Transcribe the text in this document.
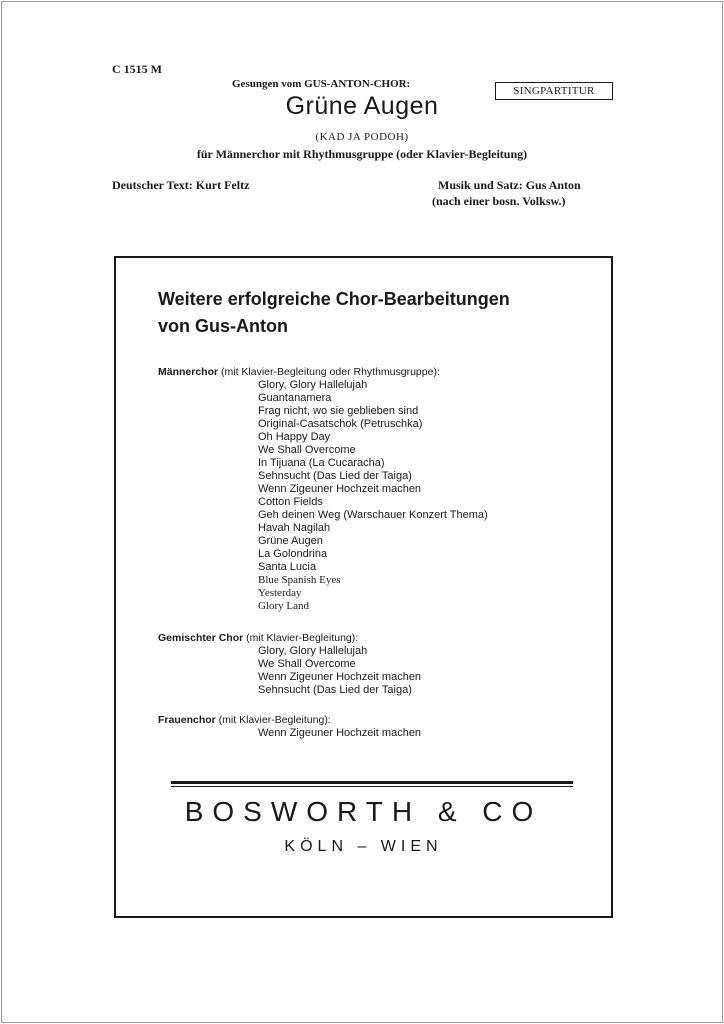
C 1515 M
Gesungen vom GUS-ANTON-CHOR:
SINGPARTITUR
Grüne Augen
(KAD JA PODOH)
für Männerchor mit Rhythmusgruppe (oder Klavier-Begleitung)
Deutscher Text: Kurt Feltz	Musik und Satz: Gus Anton
(nach einer bosn. Volksw.)
Weitere erfolgreiche Chor-Bearbeitungen
von Gus-Anton
Männerchor (mit Klavier-Begleitung oder Rhythmusgruppe):
Glory, Glory Hallelujah
Guantanamera
Frag nicht, wo sie geblieben sind
Original-Casatschok (Petruschka)
Oh Happy Day
We Shall Overcome
In Tijuana (La Cucaracha)
Sehnsucht (Das Lied der Taiga)
Wenn Zigeuner Hochzeit machen
Cotton Fields
Geh deinen Weg (Warschauer Konzert Thema)
Havah Nagilah
Grüne Augen
La Golondrina
Santa Lucia
Blue Spanish Eyes
Yesterday
Glory Land
Gemischter Chor (mit Klavier-Begleitung):
Glory, Glory Hallelujah
We Shall Overcome
Wenn Zigeuner Hochzeit machen
Sehnsucht (Das Lied der Taiga)
Frauenchor (mit Klavier-Begleitung):
Wenn Zigeuner Hochzeit machen
BOSWORTH & CO
KÖLN – WIEN
